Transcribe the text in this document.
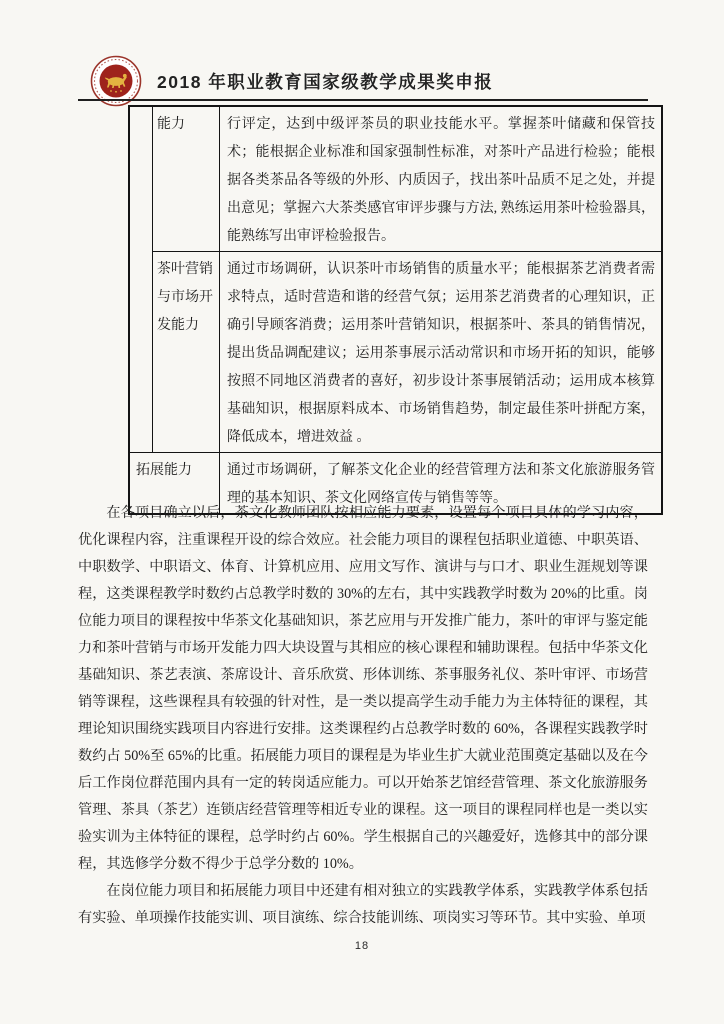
2018 年职业教育国家级教学成果奖申报
	能力	行评定，达到中级评茶员的职业技能水平。掌握茶叶储藏和保管技术；能根据企业标准和国家强制性标准，对茶叶产品进行检验；能根据各类茶品各等级的外形、内质因子，找出茶叶品质不足之处，并提出意见；掌握六大茶类感官审评步骤与方法, 熟练运用茶叶检验器具，能熟练写出审评检验报告。
	茶叶营销与市场开发能力	通过市场调研，认识茶叶市场销售的质量水平；能根据茶艺消费者需求特点，适时营造和谐的经营气氛；运用茶艺消费者的心理知识，正确引导顾客消费；运用茶叶营销知识，根据茶叶、茶具的销售情况，提出货品调配建议；运用茶事展示活动常识和市场开拓的知识，能够按照不同地区消费者的喜好，初步设计茶事展销活动；运用成本核算基础知识，根据原料成本、市场销售趋势，制定最佳茶叶拼配方案，降低成本，增进效益 。
拓展能力		通过市场调研，了解茶文化企业的经营管理方法和茶文化旅游服务管理的基本知识、茶文化网络宣传与销售等等。

在各项目确立以后，茶文化教师团队按相应能力要素，设置每个项目具体的学习内容，优化课程内容，注重课程开设的综合效应。社会能力项目的课程包括职业道德、中职英语、中职数学、中职语文、体育、计算机应用、应用文写作、演讲与与口才、职业生涯规划等课程，这类课程教学时数约占总教学时数的 30%的左右，其中实践教学时数为 20%的比重。岗位能力项目的课程按中华茶文化基础知识，茶艺应用与开发推广能力，茶叶的审评与鉴定能力和茶叶营销与市场开发能力四大块设置与其相应的核心课程和辅助课程。包括中华茶文化基础知识、茶艺表演、茶席设计、音乐欣赏、形体训练、茶事服务礼仪、茶叶审评、市场营销等课程，这些课程具有较强的针对性，是一类以提高学生动手能力为主体特征的课程，其理论知识围绕实践项目内容进行安排。这类课程约占总教学时数的 60%，各课程实践教学时数约占 50%至 65%的比重。拓展能力项目的课程是为毕业生扩大就业范围奠定基础以及在今后工作岗位群范围内具有一定的转岗适应能力。可以开始茶艺馆经营管理、茶文化旅游服务管理、茶具（茶艺）连锁店经营管理等相近专业的课程。这一项目的课程同样也是一类以实验实训为主体特征的课程，总学时约占 60%。学生根据自己的兴趣爱好，选修其中的部分课程，其选修学分数不得少于总学分数的 10%。

在岗位能力项目和拓展能力项目中还建有相对独立的实践教学体系，实践教学体系包括有实验、单项操作技能实训、项目演练、综合技能训练、项岗实习等环节。其中实验、单项

18
